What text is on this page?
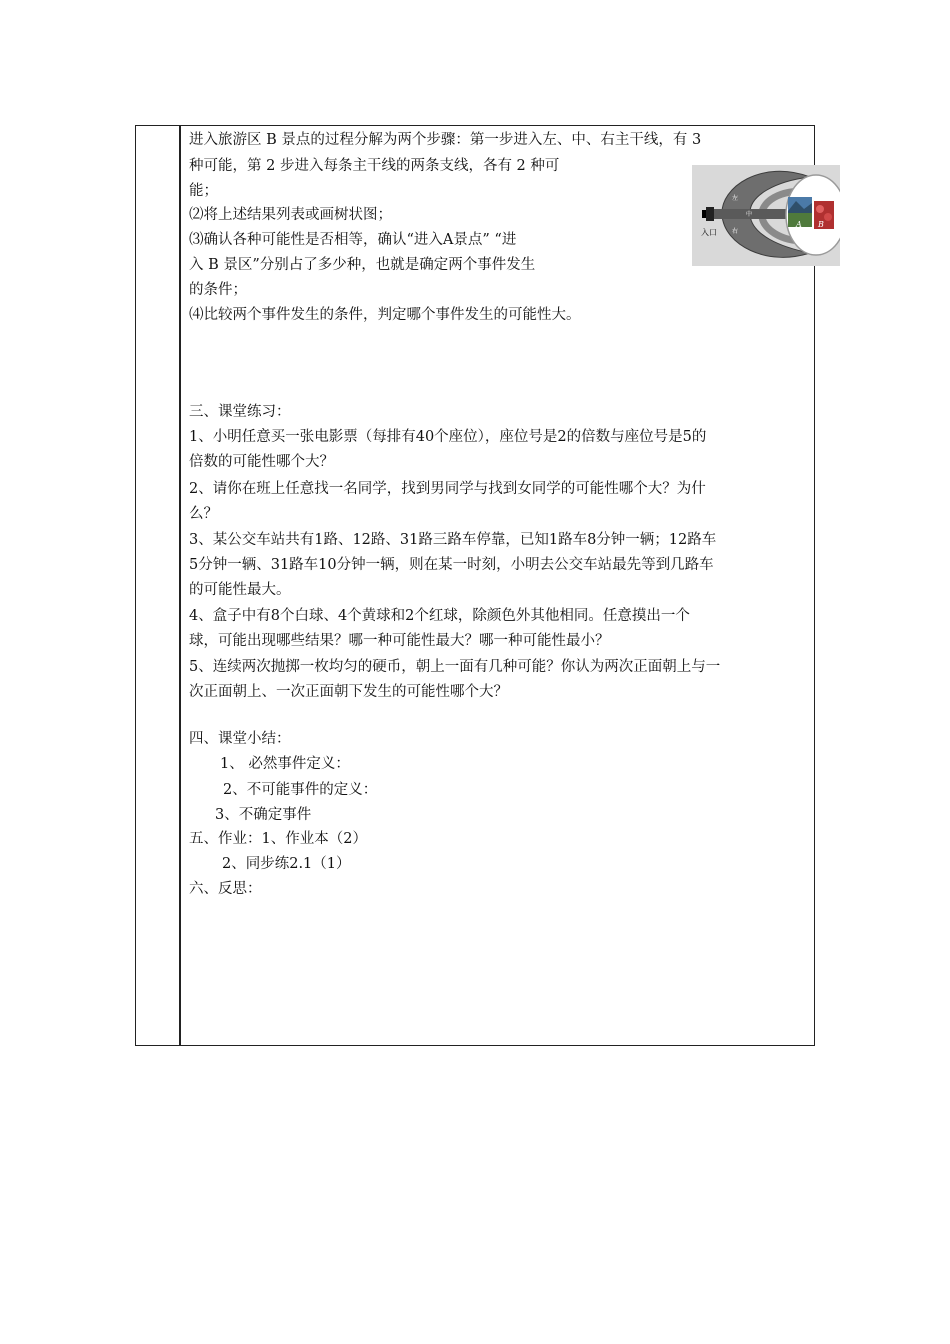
进入旅游区 B 景点的过程分解为两个步骤：第一步进入左、中、右主干线，有 3
种可能，第 2 步进入每条主干线的两条支线，各有 2 种可
能；
⑵将上述结果列表或画树状图；
⑶确认各种可能性是否相等，确认“进入A景点” “进
入 B 景区”分别占了多少种，也就是确定两个事件发生
的条件；
⑷比较两个事件发生的条件，判定哪个事件发生的可能性大。
A B
左
中
右
入口
三、课堂练习：
1、小明任意买一张电影票（每排有40个座位），座位号是2的倍数与座位号是5的
倍数的可能性哪个大？
2、请你在班上任意找一名同学，找到男同学与找到女同学的可能性哪个大？为什
么？
3、某公交车站共有1路、12路、31路三路车停靠，已知1路车8分钟一辆；12路车
5分钟一辆、31路车10分钟一辆，则在某一时刻，小明去公交车站最先等到几路车
的可能性最大。
4、盒子中有8个白球、4个黄球和2个红球，除颜色外其他相同。任意摸出一个
球，可能出现哪些结果？哪一种可能性最大？哪一种可能性最小？
5、连续两次抛掷一枚均匀的硬币，朝上一面有几种可能？你认为两次正面朝上与一
次正面朝上、一次正面朝下发生的可能性哪个大？
四、课堂小结：
1、 必然事件定义：
2、不可能事件的定义：
3、不确定事件
五、作业：1、作业本（2）
2、同步练2.1（1）
六、反思：
